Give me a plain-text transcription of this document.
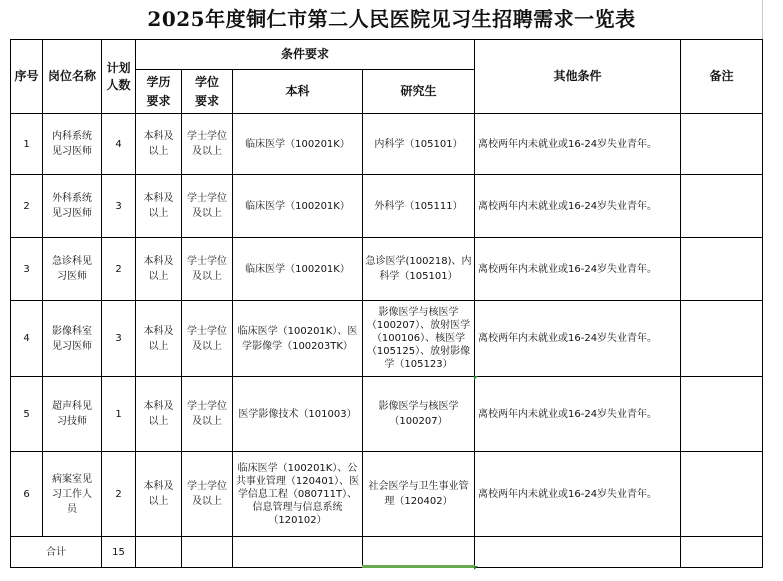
2025年度铜仁市第二人民医院见习生招聘需求一览表
序号	岗位名称	计划人数	条件要求				其他条件	备注
			学历要求	学位要求	本科	研究生		
1	内科系统见习医师	4	本科及以上	学士学位及以上	临床医学（100201K）	内科学（105101）	离校两年内未就业或16-24岁失业青年。	
2	外科系统见习医师	3	本科及以上	学士学位及以上	临床医学（100201K）	外科学（105111）	离校两年内未就业或16-24岁失业青年。	
3	急诊科见习医师	2	本科及以上	学士学位及以上	临床医学（100201K）	急诊医学(100218)、内科学（105101）	离校两年内未就业或16-24岁失业青年。	
4	影像科室见习医师	3	本科及以上	学士学位及以上	临床医学（100201K）、医学影像学（100203TK）	影像医学与核医学（100207）、放射医学（100106）、核医学（105125）、放射影像学（105123）	离校两年内未就业或16-24岁失业青年。	
5	超声科见习技师	1	本科及以上	学士学位及以上	医学影像技术（101003）	影像医学与核医学（100207）	离校两年内未就业或16-24岁失业青年。	
6	病案室见习工作人员	2	本科及以上	学士学位及以上	临床医学（100201K）、公共事业管理（120401）、医学信息工程（080711T）、信息管理与信息系统（120102）	社会医学与卫生事业管理（120402）	离校两年内未就业或16-24岁失业青年。	
合计		15						
